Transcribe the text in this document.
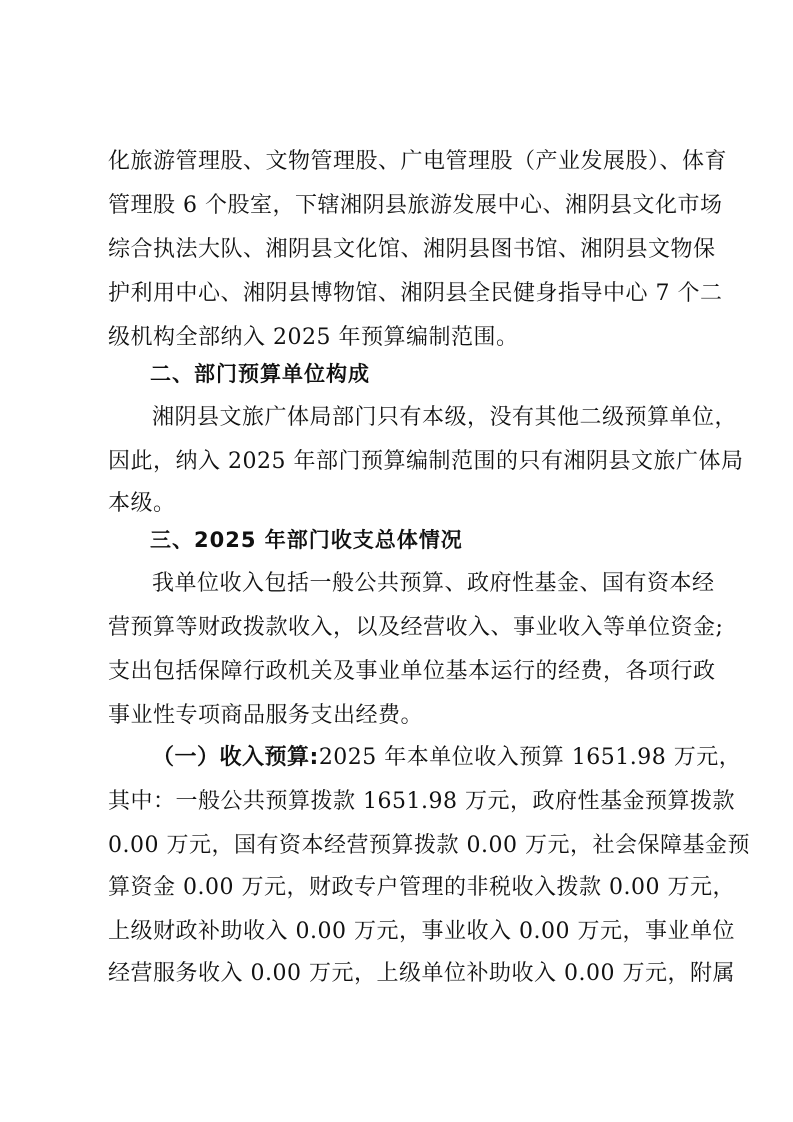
化旅游管理股、文物管理股、广电管理股（产业发展股）、体育
管理股 6 个股室，下辖湘阴县旅游发展中心、湘阴县文化市场
综合执法大队、湘阴县文化馆、湘阴县图书馆、湘阴县文物保
护利用中心、湘阴县博物馆、湘阴县全民健身指导中心 7 个二
级机构全部纳入 2025 年预算编制范围。
二、部门预算单位构成
湘阴县文旅广体局部门只有本级，没有其他二级预算单位，
因此，纳入 2025 年部门预算编制范围的只有湘阴县文旅广体局
本级。
三、2025 年部门收支总体情况
我单位收入包括一般公共预算、政府性基金、国有资本经
营预算等财政拨款收入，以及经营收入、事业收入等单位资金;
支出包括保障行政机关及事业单位基本运行的经费，各项行政
事业性专项商品服务支出经费。
（一）收入预算:2025 年本单位收入预算 1651.98 万元，
其中：一般公共预算拨款 1651.98 万元，政府性基金预算拨款
0.00 万元，国有资本经营预算拨款 0.00 万元，社会保障基金预
算资金 0.00 万元，财政专户管理的非税收入拨款 0.00 万元，
上级财政补助收入 0.00 万元，事业收入 0.00 万元，事业单位
经营服务收入 0.00 万元，上级单位补助收入 0.00 万元，附属
